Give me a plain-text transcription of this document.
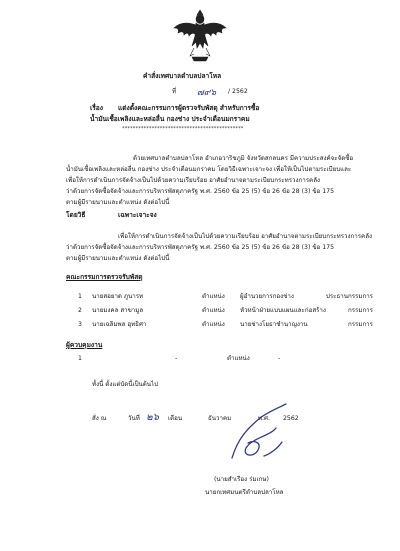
คำสั่งเทศบาลตำบลปลาโหล
ที่ ๗๙๖ / 2562
เรื่อง แต่งตั้งคณะกรรมการผู้ตรวจรับพัสดุ สำหรับการซื้อ
น้ำมันเชื้อเพลิงและหล่อลื่น กองช่าง ประจำเดือนมกราคม
*********************************************
ด้วยเทศบาลตำบลปลาโหล อำเภอวาริชภูมิ จังหวัดสกลนคร มีความประสงค์จะจัดซื้อ
น้ำมันเชื้อเพลิงและหล่อลื่น กองช่าง ประจำเดือนมกราคม โดยวิธีเฉพาะเจาะจง เพื่อให้เป็นไปตามระเบียบและ
เพื่อให้การดำเนินการจัดจ้างเป็นไปด้วยความเรียบร้อย อาศัยอำนาจตามระเบียบกระทรวงการคลัง
ว่าด้วยการจัดซื้อจัดจ้างและการบริหารพัสดุภาครัฐ พ.ศ. 2560 ข้อ 25 (5) ข้อ 26 ข้อ 28 (3) ข้อ 175
ตามผู้มีรายนามและตำแหน่ง ดังต่อไปนี้
โดยวิธี	เฉพาะเจาะจง
เพื่อให้การดำเนินการจัดจ้างเป็นไปด้วยความเรียบร้อย อาศัยอำนาจตามระเบียบกระทรวงการคลัง
ว่าด้วยการจัดซื้อจัดจ้างและการบริหารพัสดุภาครัฐ พ.ศ. 2560 ข้อ 25 (5) ข้อ 26 ข้อ 28 (3) ข้อ 175
ตามผู้มีรายนามและตำแหน่ง ดังต่อไปนี้
คณะกรรมการตรวจรับพัสดุ
1 นายสอยาด ภูนารท	ตำแหน่ง ผู้อำนวยการกองช่าง	ประธานกรรมการ
2 นายมงคล สาขามูล	ตำแหน่ง หัวหน้าฝ่ายแบบแผนและก่อสร้าง	กรรมการ
3 นายเฉลิมพล อุทธิศา	ตำแหน่ง นายช่างโยธาชำนาญงาน	กรรมการ
ผู้ควบคุมงาน
1	-	ตำแหน่ง	-
ทั้งนี้ ตั้งแต่บัดนี้เป็นต้นไป
สั่ง ณ	วันที่ ๒๖ เดือน	ธันวาคม	พ.ศ. 2562
(นายสำเรือง ร่มเกษ)
นายกเทศมนตรีตำบลปลาโหล
